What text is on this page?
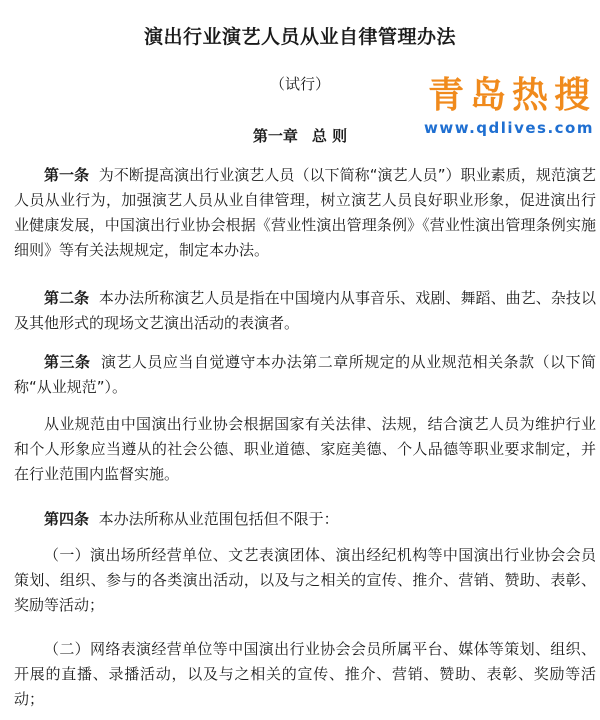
演出行业演艺人员从业自律管理办法

（试行）	青岛热搜

www.qdlives.com

第一章 总 则

第一条 为不断提高演出行业演艺人员（以下简称“演艺人员”）职业素质，规范演艺人员从业行为，加强演艺人员从业自律管理，树立演艺人员良好职业形象，促进演出行业健康发展，中国演出行业协会根据《营业性演出管理条例》《营业性演出管理条例实施细则》等有关法规规定，制定本办法。

第二条 本办法所称演艺人员是指在中国境内从事音乐、戏剧、舞蹈、曲艺、杂技以及其他形式的现场文艺演出活动的表演者。

第三条 演艺人员应当自觉遵守本办法第二章所规定的从业规范相关条款（以下简称“从业规范”）。

从业规范由中国演出行业协会根据国家有关法律、法规，结合演艺人员为维护行业和个人形象应当遵从的社会公德、职业道德、家庭美德、个人品德等职业要求制定，并在行业范围内监督实施。

第四条 本办法所称从业范围包括但不限于：

（一）演出场所经营单位、文艺表演团体、演出经纪机构等中国演出行业协会会员策划、组织、参与的各类演出活动，以及与之相关的宣传、推介、营销、赞助、表彰、奖励等活动；

（二）网络表演经营单位等中国演出行业协会会员所属平台、媒体等策划、组织、开展的直播、录播活动，以及与之相关的宣传、推介、营销、赞助、表彰、奖励等活动；
